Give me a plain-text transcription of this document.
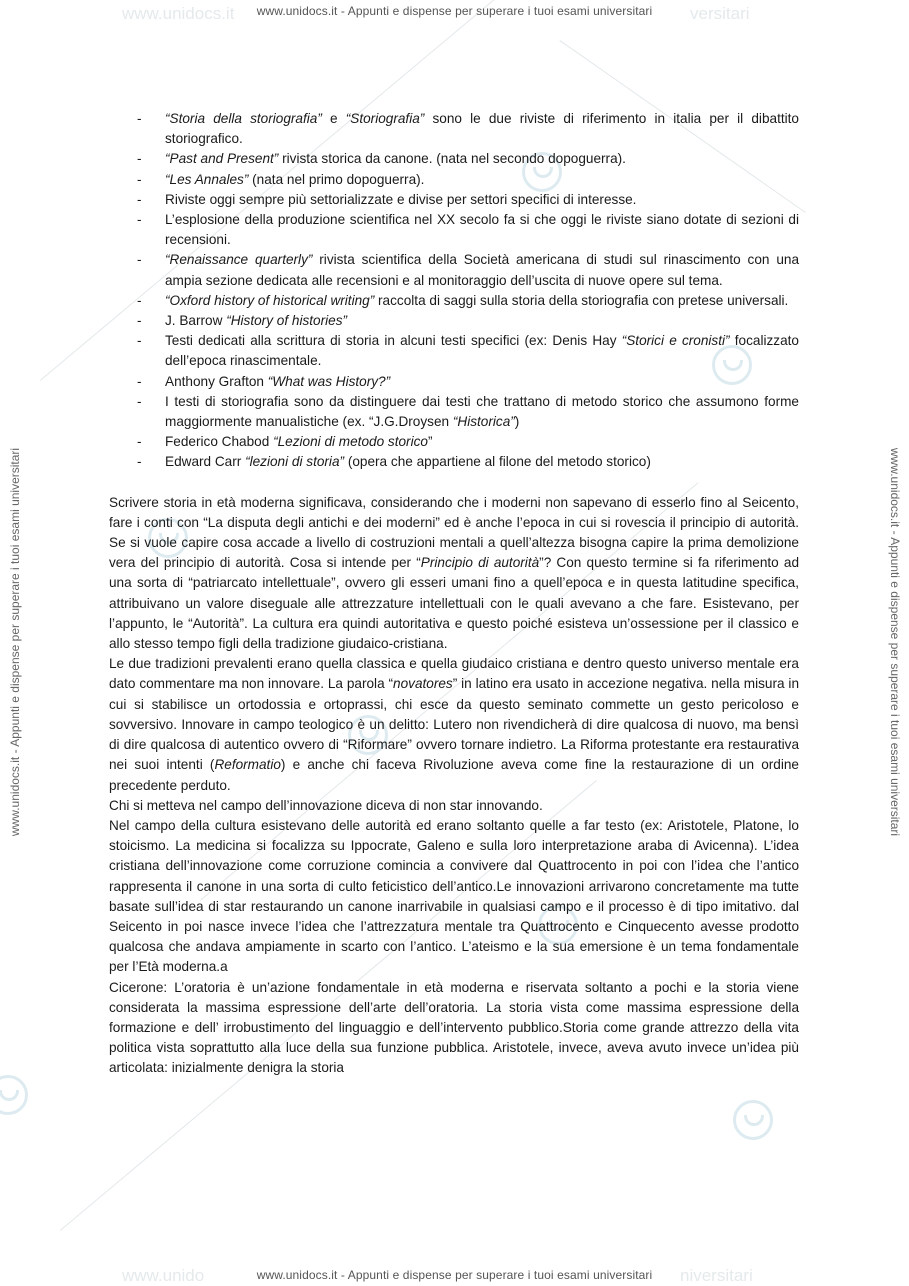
www.unidocs.it	versitari
www.unido	niversitari
www.unidocs.it - Appunti e dispense per superare i tuoi esami universitari
www.unidocs.it - Appunti e dispense per superare i tuoi esami universitari
www.unidocs.it - Appunti e dispense per superare i tuoi esami universitari	www.unidocs.it - Appunti e dispense per superare i tuoi esami universitari
- “Storia della storiografia” e “Storiografia” sono le due riviste di riferimento in italia per il dibattito storiografico.
- “Past and Present” rivista storica da canone. (nata nel secondo dopoguerra).
- “Les Annales” (nata nel primo dopoguerra).
- Riviste oggi sempre più settorializzate e divise per settori specifici di interesse.
- L’esplosione della produzione scientifica nel XX secolo fa si che oggi le riviste siano dotate di sezioni di recensioni.
- “Renaissance quarterly” rivista scientifica della Società americana di studi sul rinascimento con una ampia sezione dedicata alle recensioni e al monitoraggio dell’uscita di nuove opere sul tema.
- “Oxford history of historical writing” raccolta di saggi sulla storia della storiografia con pretese universali.
- J. Barrow “History of histories”
- Testi dedicati alla scrittura di storia in alcuni testi specifici (ex: Denis Hay “Storici e cronisti” focalizzato dell’epoca rinascimentale.
- Anthony Grafton “What was History?”
- I testi di storiografia sono da distinguere dai testi che trattano di metodo storico che assumono forme maggiormente manualistiche (ex. “J.G.Droysen “Historica”)
- Federico Chabod “Lezioni di metodo storico”
- Edward Carr “lezioni di storia” (opera che appartiene al filone del metodo storico)

Scrivere storia in età moderna significava, considerando che i moderni non sapevano di esserlo fino al Seicento, fare i conti con “La disputa degli antichi e dei moderni” ed è anche l’epoca in cui si rovescia il principio di autorità. Se si vuole capire cosa accade a livello di costruzioni mentali a quell’altezza bisogna capire la prima demolizione vera del principio di autorità. Cosa si intende per “Principio di autorità”? Con questo termine si fa riferimento ad una sorta di “patriarcato intellettuale”, ovvero gli esseri umani fino a quell’epoca e in questa latitudine specifica, attribuivano un valore diseguale alle attrezzature intellettuali con le quali avevano a che fare. Esistevano, per l’appunto, le “Autorità”. La cultura era quindi autoritativa e questo poiché esisteva un’ossessione per il classico e allo stesso tempo figli della tradizione giudaico-cristiana.

Le due tradizioni prevalenti erano quella classica e quella giudaico cristiana e dentro questo universo mentale era dato commentare ma non innovare. La parola “novatores” in latino era usato in accezione negativa. nella misura in cui si stabilisce un ortodossia e ortoprassi, chi esce da questo seminato commette un gesto pericoloso e sovversivo. Innovare in campo teologico è un delitto: Lutero non rivendicherà di dire qualcosa di nuovo, ma bensì di dire qualcosa di autentico ovvero di “Riformare” ovvero tornare indietro. La Riforma protestante era restaurativa nei suoi intenti (Reformatio) e anche chi faceva Rivoluzione aveva come fine la restaurazione di un ordine precedente perduto.

Chi si metteva nel campo dell’innovazione diceva di non star innovando.

Nel campo della cultura esistevano delle autorità ed erano soltanto quelle a far testo (ex: Aristotele, Platone, lo stoicismo. La medicina si focalizza su Ippocrate, Galeno e sulla loro interpretazione araba di Avicenna). L’idea cristiana dell’innovazione come corruzione comincia a convivere dal Quattrocento in poi con l’idea che l’antico rappresenta il canone in una sorta di culto feticistico dell’antico.Le innovazioni arrivarono concretamente ma tutte basate sull’idea di star restaurando un canone inarrivabile in qualsiasi campo e il processo è di tipo imitativo. dal Seicento in poi nasce invece l’idea che l’attrezzatura mentale tra Quattrocento e Cinquecento avesse prodotto qualcosa che andava ampiamente in scarto con l’antico. L’ateismo e la sua emersione è un tema fondamentale per l’Età moderna.a

Cicerone: L’oratoria è un’azione fondamentale in età moderna e riservata soltanto a pochi e la storia viene considerata la massima espressione dell’arte dell’oratoria. La storia vista come massima espressione della formazione e dell’ irrobustimento del linguaggio e dell’intervento pubblico.Storia come grande attrezzo della vita politica vista soprattutto alla luce della sua funzione pubblica. Aristotele, invece, aveva avuto invece un’idea più articolata: inizialmente denigra la storia
